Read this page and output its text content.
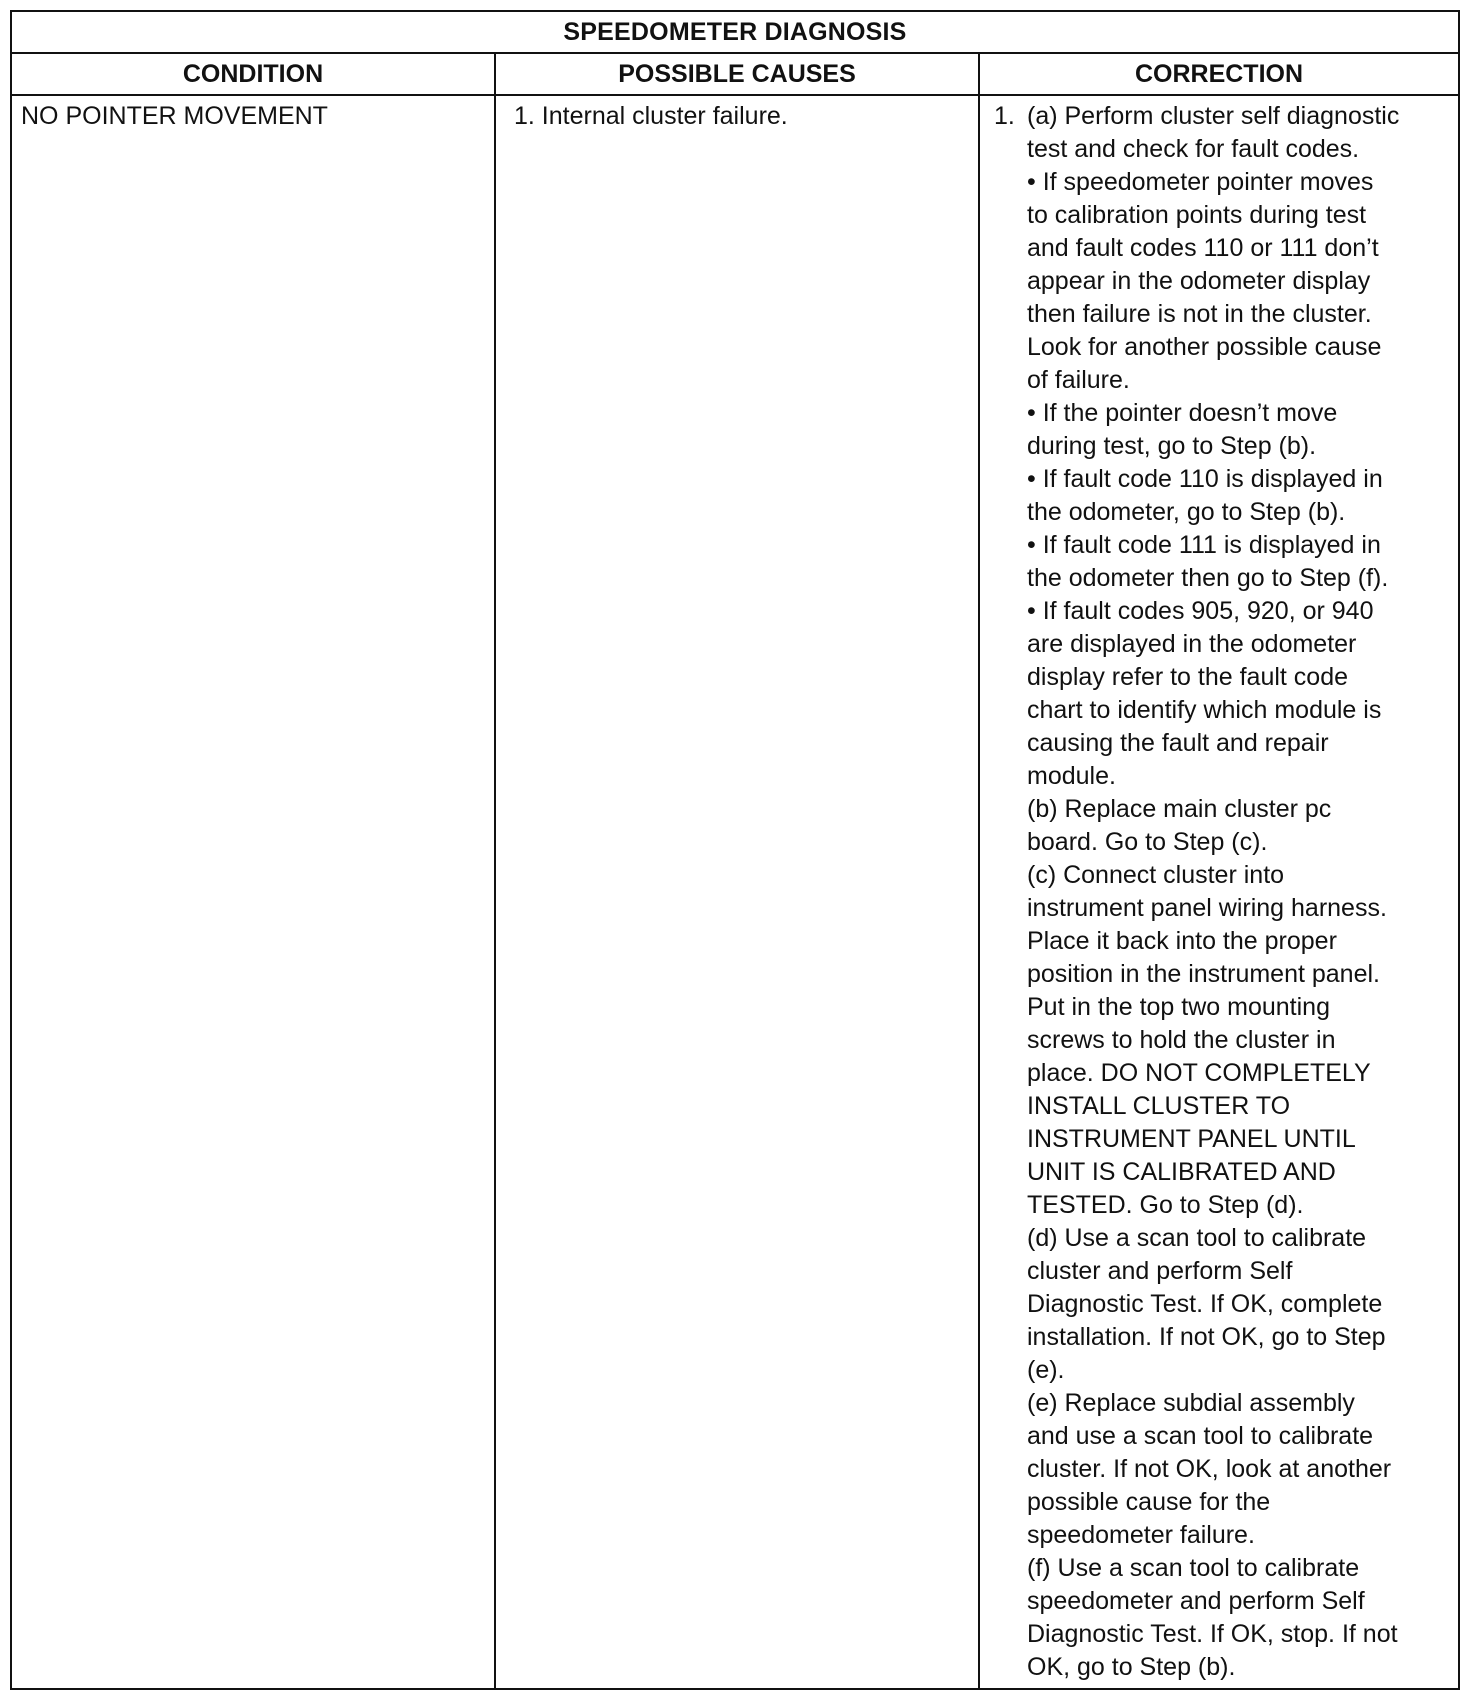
SPEEDOMETER DIAGNOSIS
CONDITION	POSSIBLE CAUSES	CORRECTION
NO POINTER MOVEMENT	1. Internal cluster failure.	1. (a) Perform cluster self diagnostic
test and check for fault codes.
• If speedometer pointer moves
to calibration points during test
and fault codes 110 or 111 don’t
appear in the odometer display
then failure is not in the cluster.
Look for another possible cause
of failure.
• If the pointer doesn’t move
during test, go to Step (b).
• If fault code 110 is displayed in
the odometer, go to Step (b).
• If fault code 111 is displayed in
the odometer then go to Step (f).
• If fault codes 905, 920, or 940
are displayed in the odometer
display refer to the fault code
chart to identify which module is
causing the fault and repair
module.
(b) Replace main cluster pc
board. Go to Step (c).
(c) Connect cluster into
instrument panel wiring harness.
Place it back into the proper
position in the instrument panel.
Put in the top two mounting
screws to hold the cluster in
place. DO NOT COMPLETELY
INSTALL CLUSTER TO
INSTRUMENT PANEL UNTIL
UNIT IS CALIBRATED AND
TESTED. Go to Step (d).
(d) Use a scan tool to calibrate
cluster and perform Self
Diagnostic Test. If OK, complete
installation. If not OK, go to Step
(e).
(e) Replace subdial assembly
and use a scan tool to calibrate
cluster. If not OK, look at another
possible cause for the
speedometer failure.
(f) Use a scan tool to calibrate
speedometer and perform Self
Diagnostic Test. If OK, stop. If not
OK, go to Step (b).
